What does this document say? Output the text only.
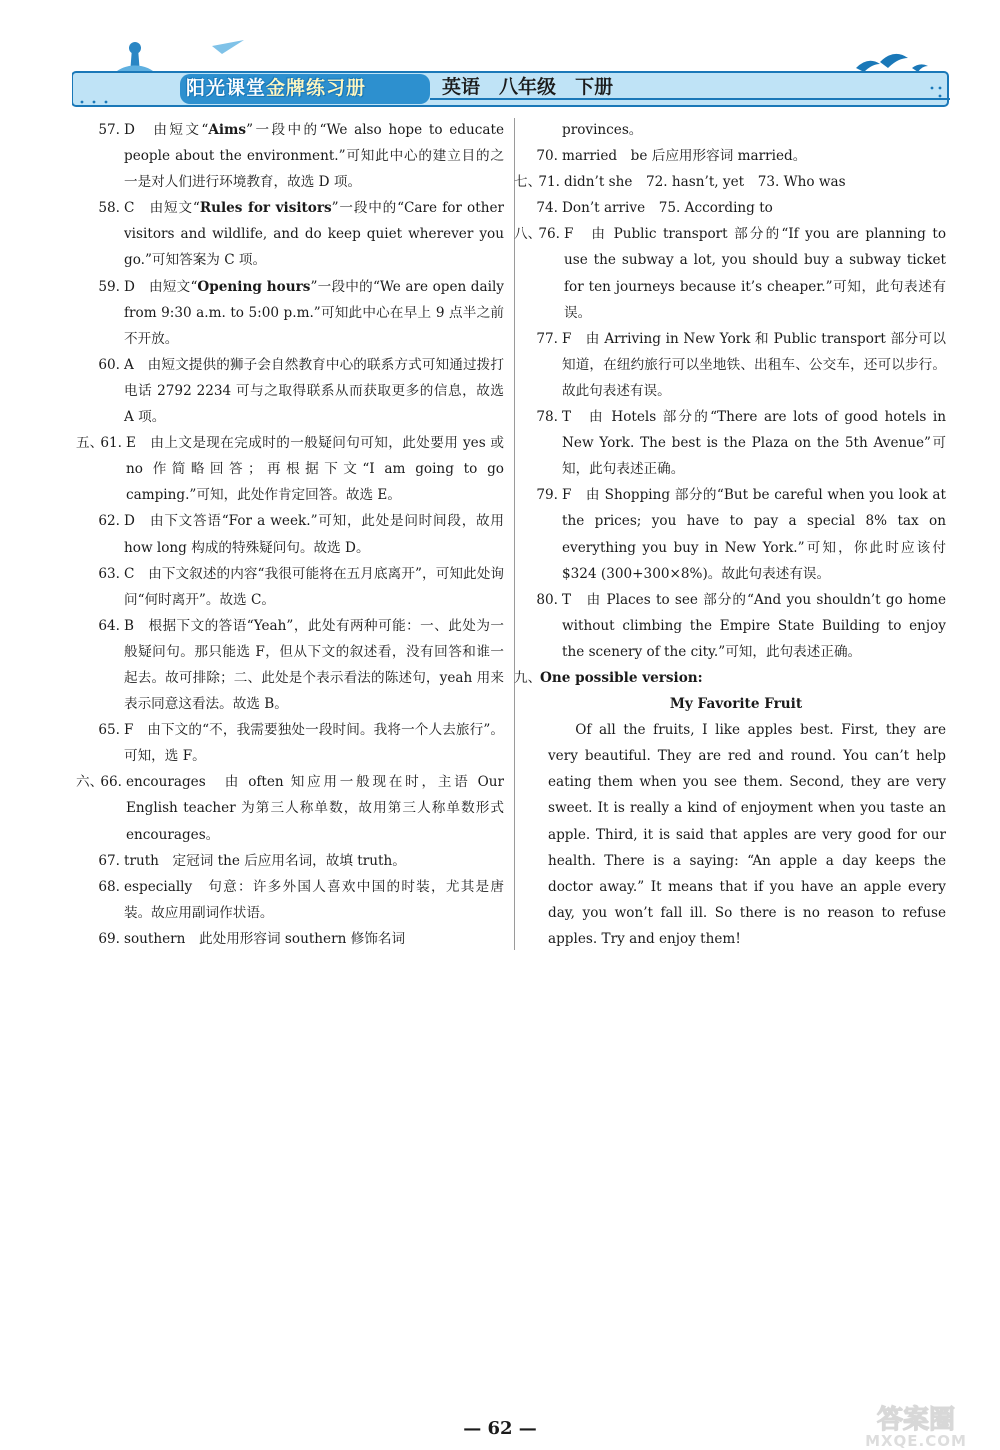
阳光课堂金牌练习册	英语　 八年级　 下册
57. D　由短文“Aims”一段中的“We also hope to educate people about the environment.”可知此中心的建立目的之一是对人们进行环境教育，故选 D 项。
58. C　由短文“Rules for visitors”一段中的“Care for other visitors and wildlife, and do keep quiet wherever you go.”可知答案为 C 项。
59. D　由短文“Opening hours”一段中的“We are open daily from 9:30 a.m. to 5:00 p.m.”可知此中心在早上 9 点半之前不开放。
60. A　由短文提供的狮子会自然教育中心的联系方式可知通过拨打电话 2792 2234 可与之取得联系从而获取更多的信息，故选 A 项。
五、
61. E　由上文是现在完成时的一般疑问句可知，此处要用 yes 或 no 作简略回答；再根据下文“I am going to go camping.”可知，此处作肯定回答。故选 E。
62. D　由下文答语“For a week.”可知，此处是问时间段，故用 how long 构成的特殊疑问句。故选 D。
63. C　由下文叙述的内容“我很可能将在五月底离开”，可知此处询问“何时离开”。故选 C。
64. B　根据下文的答语“Yeah”，此处有两种可能：一、此处为一般疑问句。那只能选 F，但从下文的叙述看，没有回答和谁一起去。故可排除；二、此处是个表示看法的陈述句，yeah 用来表示同意这看法。故选 B。
65. F　由下文的“不，我需要独处一段时间。我将一个人去旅行”。可知，选 F。
六、
66. encourages　由 often 知应用一般现在时，主语 Our English teacher 为第三人称单数，故用第三人称单数形式 encourages。
67. truth　定冠词 the 后应用名词，故填 truth。
68. especially　句意：许多外国人喜欢中国的时装，尤其是唐装。故应用副词作状语。
69. southern　此处用形容词 southern 修饰名词
provinces。
70. married　be 后应用形容词 married。
七、
71. didn’t she　72. hasn’t, yet　73. Who was
74. Don’t arrive　75. According to
八、
76. F　由 Public transport 部分的“If you are planning to use the subway a lot, you should buy a subway ticket for ten journeys because it’s cheaper.”可知，此句表述有误。
77. F　由 Arriving in New York 和 Public transport 部分可以知道，在纽约旅行可以坐地铁、出租车、公交车，还可以步行。故此句表述有误。
78. T　由 Hotels 部分的“There are lots of good hotels in New York. The best is the Plaza on the 5th Avenue”可知，此句表述正确。
79. F　由 Shopping 部分的“But be careful when you look at the prices; you have to pay a special 8% tax on everything you buy in New York.”可知，你此时应该付 $324 (300+300×8%)。故此句表述有误。
80. T　由 Places to see 部分的“And you shouldn’t go home without climbing the Empire State Building to enjoy the scenery of the city.”可知，此句表述正确。
九、
One possible version:
My Favorite Fruit
Of all the fruits, I like apples best. First, they are very beautiful. They are red and round. You can’t help eating them when you see them. Second, they are very sweet. It is really a kind of enjoyment when you taste an apple. Third, it is said that apples are very good for our health. There is a saying: “An apple a day keeps the doctor away.” It means that if you have an apple every day, you won’t fall ill. So there is no reason to refuse apples. Try and enjoy them!
— 62 —	答案圈
MXQE.COM
